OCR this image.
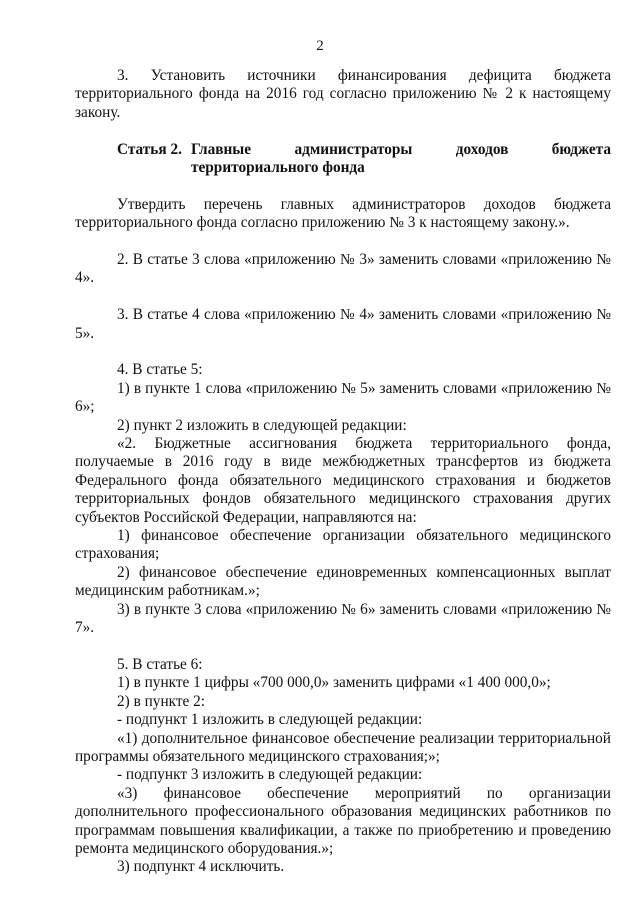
2

3. Установить источники финансирования дефицита бюджета территориального фонда на 2016 год согласно приложению № 2 к настоящему закону.

Статья 2. Главные администраторы доходов бюджета территориального фонда

Утвердить перечень главных администраторов доходов бюджета территориального фонда согласно приложению № 3 к настоящему закону.».

2. В статье 3 слова «приложению № 3» заменить словами «приложению № 4».

3. В статье 4 слова «приложению № 4» заменить словами «приложению № 5».

4. В статье 5:

1) в пункте 1 слова «приложению № 5» заменить словами «приложению № 6»;

2) пункт 2 изложить в следующей редакции:

«2. Бюджетные ассигнования бюджета территориального фонда, получаемые в 2016 году в виде межбюджетных трансфертов из бюджета Федерального фонда обязательного медицинского страхования и бюджетов территориальных фондов обязательного медицинского страхования других субъектов Российской Федерации, направляются на:

1) финансовое обеспечение организации обязательного медицинского страхования;

2) финансовое обеспечение единовременных компенсационных выплат медицинским работникам.»;

3) в пункте 3 слова «приложению № 6» заменить словами «приложению № 7».

5. В статье 6:

1) в пункте 1 цифры «700 000,0» заменить цифрами «1 400 000,0»;

2) в пункте 2:

- подпункт 1 изложить в следующей редакции:

«1) дополнительное финансовое обеспечение реализации территориальной программы обязательного медицинского страхования;»;

- подпункт 3 изложить в следующей редакции:

«3) финансовое обеспечение мероприятий по организации дополнительного профессионального образования медицинских работников по программам повышения квалификации, а также по приобретению и проведению ремонта медицинского оборудования.»;

3) подпункт 4 исключить.
